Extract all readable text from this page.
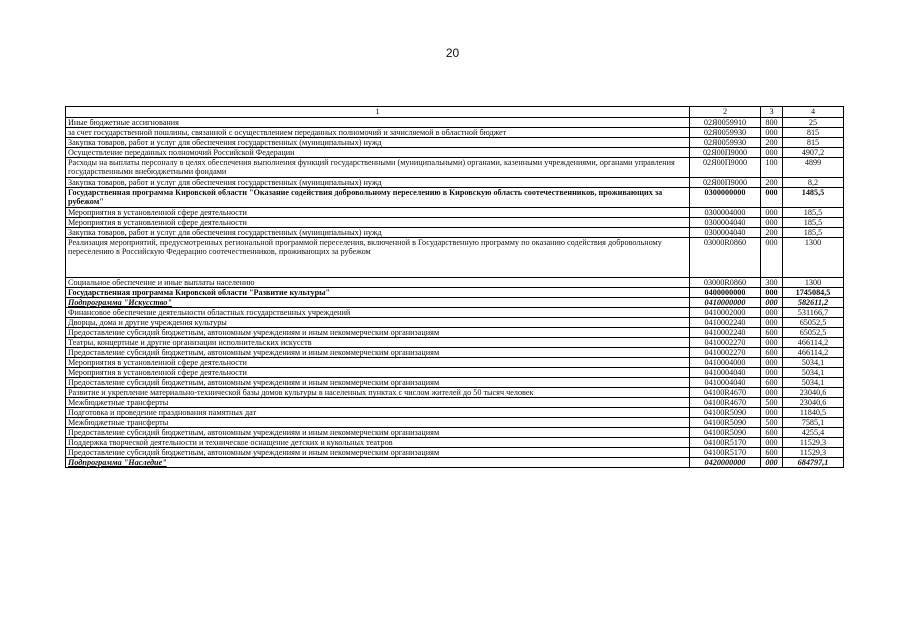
20
1	2	3	4
Иные бюджетные ассигнования	02Я0059910	800	25
за счет государственной пошлины, связанной с осуществлением переданных полномочий и зачисляемой в областной бюджет	02Я0059930	000	815
Закупка товаров, работ и услуг для обеспечения государственных (муниципальных) нужд	02Я0059930	200	815
Осуществление переданных полномочий Российской Федерации	02Я00П9000	000	4907,2
Расходы на выплаты персоналу в целях обеспечения выполнения функций государственными (муниципальными) органами, казенными учреждениями, органами управления государственными внебюджетными фондами	02Я00П9000	100	4899
Закупка товаров, работ и услуг для обеспечения государственных (муниципальных) нужд	02Я00П9000	200	8,2
Государственная программа Кировской области "Оказание содействия добровольному переселению в Кировскую область соотечественников, проживающих за рубежом"	0300000000	000	1485,5
Мероприятия в установленной сфере деятельности	0300004000	000	185,5
Мероприятия в установленной сфере деятельности	0300004040	000	185,5
Закупка товаров, работ и услуг для обеспечения государственных (муниципальных) нужд	0300004040	200	185,5
Реализация мероприятий, предусмотренных региональной программой переселения, включенной в Государственную программу по оказанию содействия добровольному переселению в Российскую Федерацию соотечественников, проживающих за рубежом	03000R0860	000	1300
Социальное обеспечение и иные выплаты населению	03000R0860	300	1300
Государственная программа Кировской области "Развитие культуры"	0400000000	000	1745084,5
Подпрограмма "Искусство"	0410000000	000	582611,2
Финансовое обеспечение деятельности областных государственных учреждений	0410002000	000	531166,7
Дворцы, дома и другие учреждения культуры	0410002240	000	65052,5
Предоставление субсидий бюджетным, автономным учреждениям и иным некоммерческим организациям	0410002240	600	65052,5
Театры, концертные и другие организации исполнительских искусств	0410002270	000	466114,2
Предоставление субсидий бюджетным, автономным учреждениям и иным некоммерческим организациям	0410002270	600	466114,2
Мероприятия в установленной сфере деятельности	0410004000	000	5034,1
Мероприятия в установленной сфере деятельности	0410004040	000	5034,1
Предоставление субсидий бюджетным, автономным учреждениям и иным некоммерческим организациям	0410004040	600	5034,1
Развитие и укрепление материально-технической базы домов культуры в населенных пунктах с числом жителей до 50 тысяч человек	04100R4670	000	23040,6
Межбюджетные трансферты	04100R4670	500	23040,6
Подготовка и проведение празднования памятных дат	04100R5090	000	11840,5
Межбюджетные трансферты	04100R5090	500	7585,1
Предоставление субсидий бюджетным, автономным учреждениям и иным некоммерческим организациям	04100R5090	600	4255,4
Поддержка творческой деятельности и техническое оснащение детских и кукольных театров	04100R5170	000	11529,3
Предоставление субсидий бюджетным, автономным учреждениям и иным некоммерческим организациям	04100R5170	600	11529,3
Подпрограмма "Наследие"	0420000000	000	684797,1
